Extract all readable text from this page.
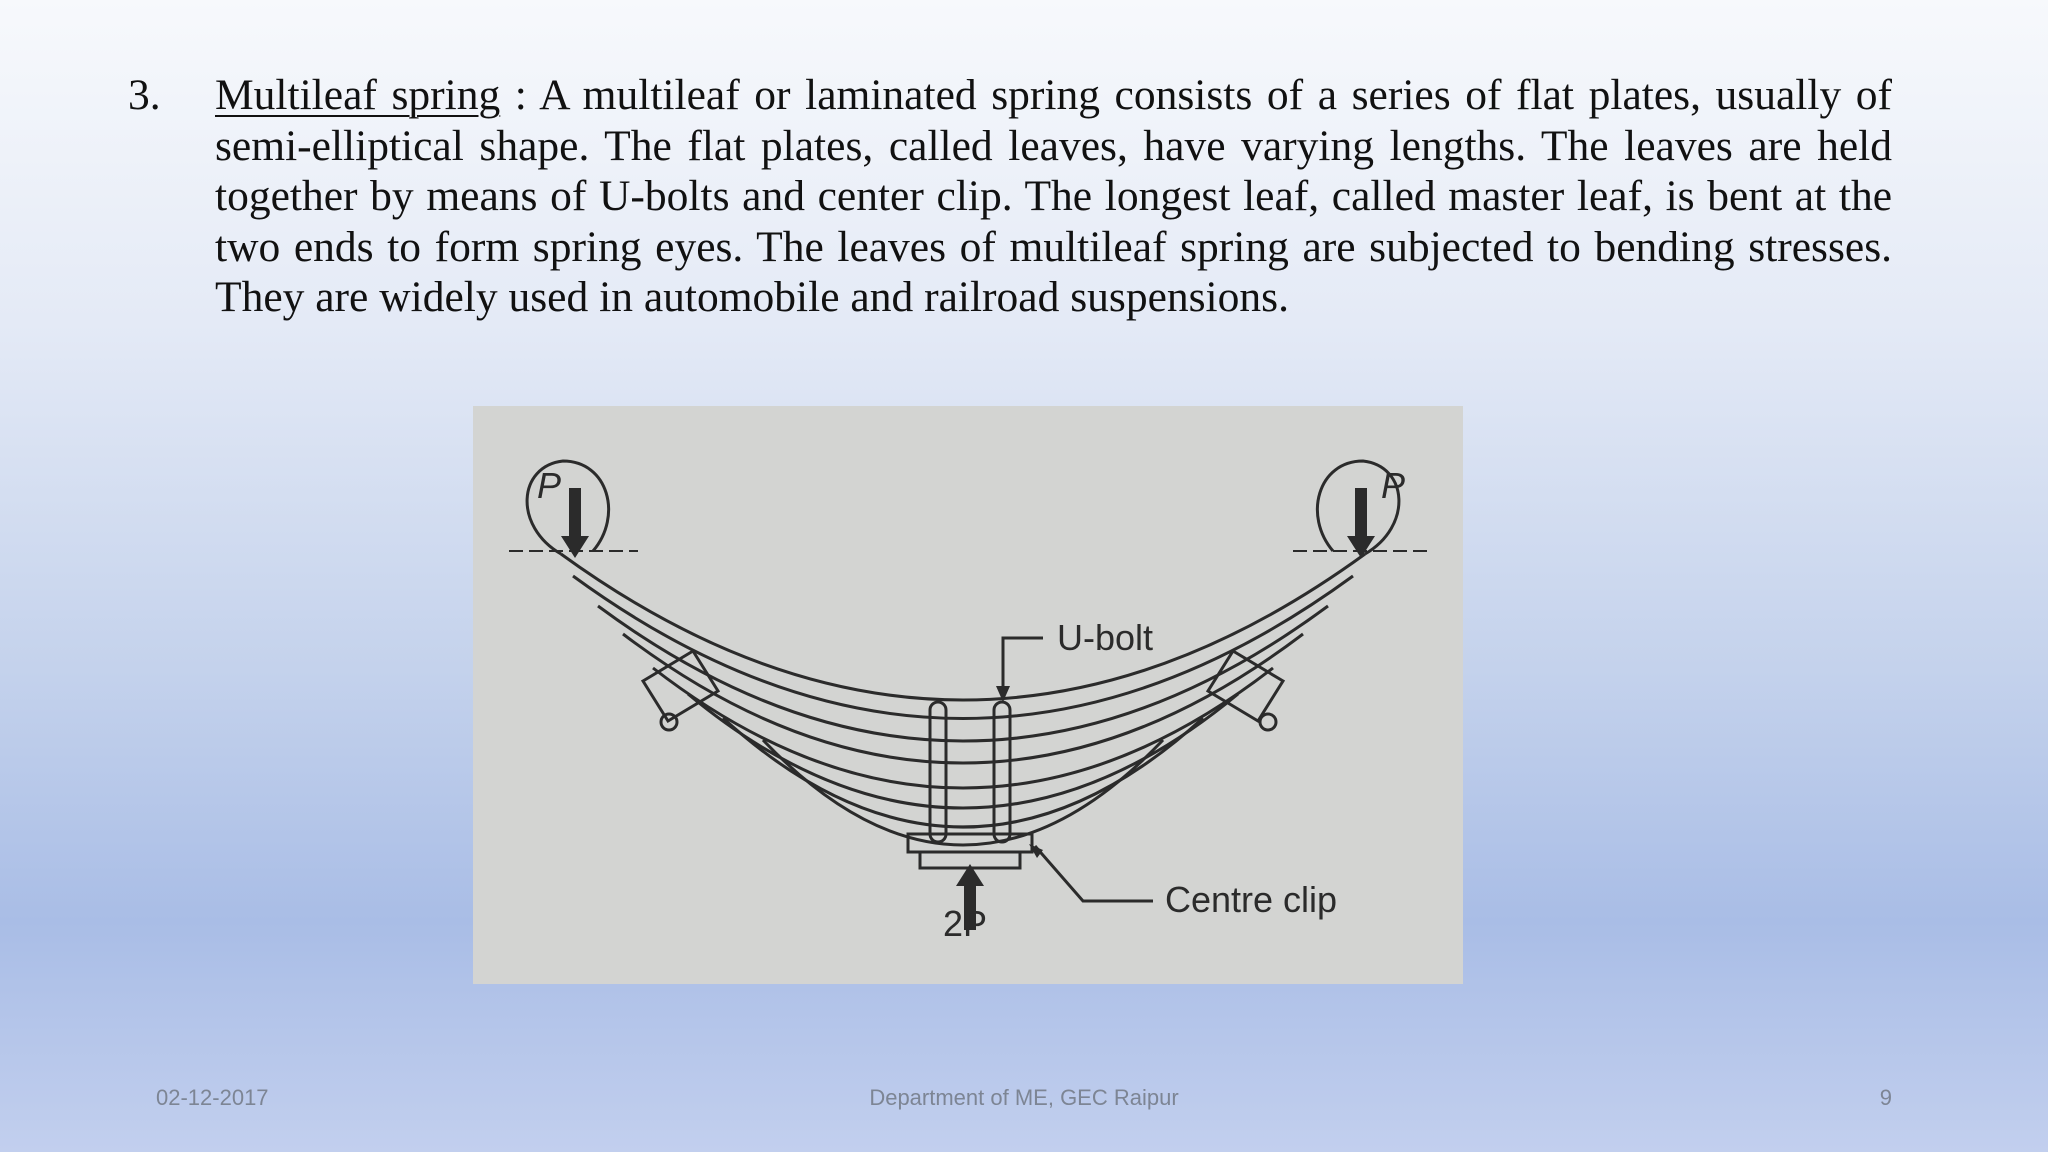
3. Multileaf spring : A multileaf or laminated spring consists of a series of flat plates, usually of semi-elliptical shape. The flat plates, called leaves, have varying lengths. The leaves are held together by means of U-bolts and center clip. The longest leaf, called master leaf, is bent at the two ends to form spring eyes. The leaves of multileaf spring are subjected to bending stresses. They are widely used in automobile and railroad suspensions.
P	P
2P
U-bolt
Centre clip
02-12-2017	Department of ME, GEC Raipur	9
